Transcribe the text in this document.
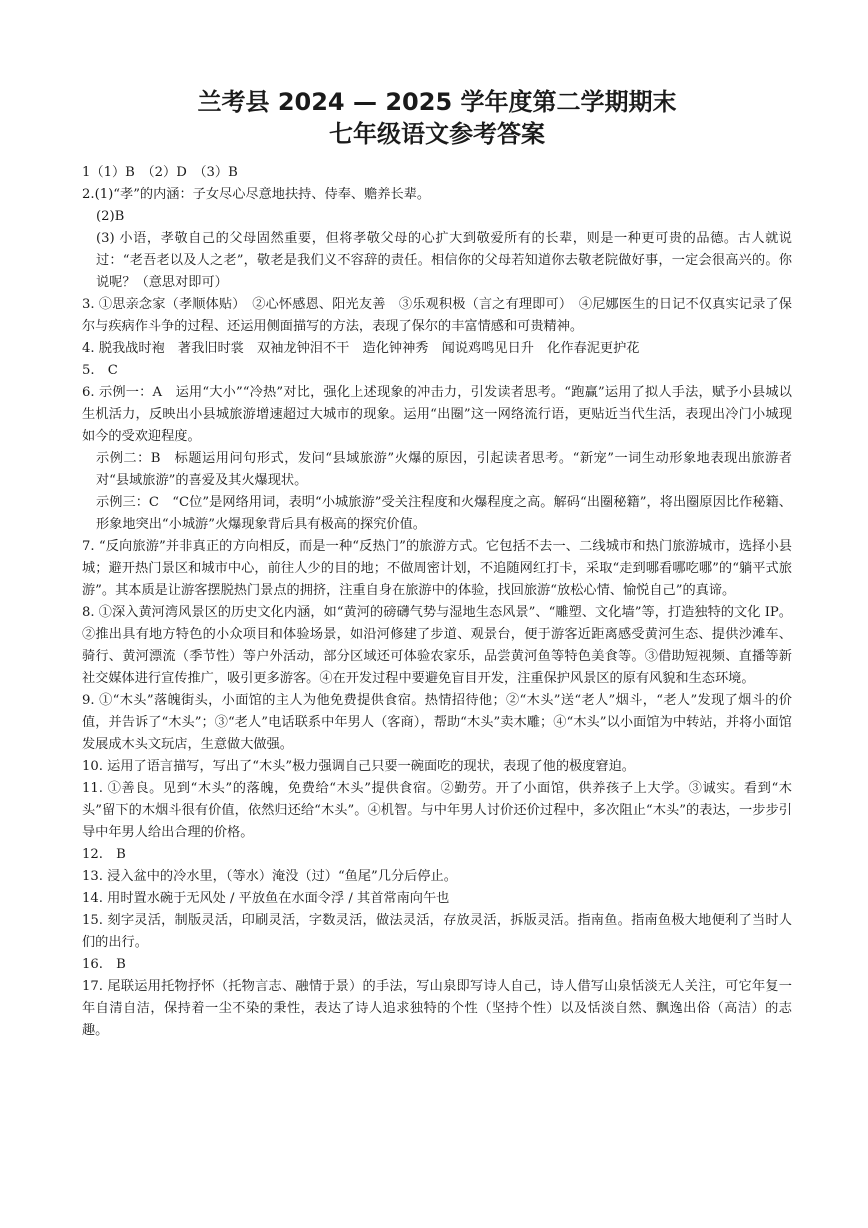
兰考县 2024 — 2025 学年度第二学期期末
七年级语文参考答案

1（1）B　（2）D　（3）B

2.(1)“孝”的内涵：子女尽心尽意地扶持、侍奉、赡养长辈。

(2)B

(3) 小语，孝敬自己的父母固然重要，但将孝敬父母的心扩大到敬爱所有的长辈，则是一种更可贵的品德。古人就说过：“老吾老以及人之老”，敬老是我们义不容辞的责任。相信你的父母若知道你去敬老院做好事，一定会很高兴的。你说呢？（意思对即可）

3. ①思亲念家（孝顺体贴）　②心怀感恩、阳光友善　③乐观积极（言之有理即可）　④尼娜医生的日记不仅真实记录了保尔与疾病作斗争的过程、还运用侧面描写的方法，表现了保尔的丰富情感和可贵精神。

4. 脱我战时袍　著我旧时裳　双袖龙钟泪不干　造化钟神秀　闻说鸡鸣见日升　化作春泥更护花

5.　C

6. 示例一：A　运用“大小”“冷热”对比，强化上述现象的冲击力，引发读者思考。“跑赢”运用了拟人手法，赋予小县城以生机活力，反映出小县城旅游增速超过大城市的现象。运用“出圈”这一网络流行语，更贴近当代生活，表现出冷门小城现如今的受欢迎程度。

示例二：B　标题运用问句形式，发问“县域旅游”火爆的原因，引起读者思考。“新宠”一词生动形象地表现出旅游者对“县域旅游”的喜爱及其火爆现状。

示例三：C　“C位”是网络用词，表明“小城旅游”受关注程度和火爆程度之高。解码“出圈秘籍”，将出圈原因比作秘籍、形象地突出“小城游”火爆现象背后具有极高的探究价值。

7. “反向旅游”并非真正的方向相反，而是一种“反热门”的旅游方式。它包括不去一、二线城市和热门旅游城市，选择小县城；避开热门景区和城市中心，前往人少的目的地；不做周密计划，不追随网红打卡，采取“走到哪看哪吃哪”的“躺平式旅游”。其本质是让游客摆脱热门景点的拥挤，注重自身在旅游中的体验，找回旅游“放松心情、愉悦自己”的真谛。

8. ①深入黄河湾风景区的历史文化内涵，如“黄河的磅礴气势与湿地生态风景”、“雕塑、文化墙”等，打造独特的文化 IP。②推出具有地方特色的小众项目和体验场景，如沿河修建了步道、观景台，便于游客近距离感受黄河生态、提供沙滩车、骑行、黄河漂流（季节性）等户外活动，部分区域还可体验农家乐，品尝黄河鱼等特色美食等。③借助短视频、直播等新社交媒体进行宣传推广，吸引更多游客。④在开发过程中要避免盲目开发，注重保护风景区的原有风貌和生态环境。

9. ①“木头”落魄街头，小面馆的主人为他免费提供食宿。热情招待他；②“木头”送“老人”烟斗，“老人”发现了烟斗的价值，并告诉了“木头”；③“老人”电话联系中年男人（客商），帮助“木头”卖木雕；④“木头”以小面馆为中转站，并将小面馆发展成木头文玩店，生意做大做强。

10. 运用了语言描写，写出了“木头”极力强调自己只要一碗面吃的现状，表现了他的极度窘迫。

11. ①善良。见到“木头”的落魄，免费给“木头”提供食宿。②勤劳。开了小面馆，供养孩子上大学。③诚实。看到“木头”留下的木烟斗很有价值，依然归还给“木头”。④机智。与中年男人讨价还价过程中，多次阻止“木头”的表达，一步步引导中年男人给出合理的价格。

12.　B

13. 浸入盆中的冷水里，（等水）淹没（过）“鱼尾”几分后停止。

14. 用时置水碗于无风处 / 平放鱼在水面令浮 / 其首常南向午也

15. 刻字灵活，制版灵活，印刷灵活，字数灵活，做法灵活，存放灵活，拆版灵活。指南鱼。指南鱼极大地便利了当时人们的出行。

16.　B

17. 尾联运用托物抒怀（托物言志、融情于景）的手法，写山泉即写诗人自己，诗人借写山泉恬淡无人关注，可它年复一年自清自洁，保持着一尘不染的秉性，表达了诗人追求独特的个性（坚持个性）以及恬淡自然、飘逸出俗（高洁）的志趣。
